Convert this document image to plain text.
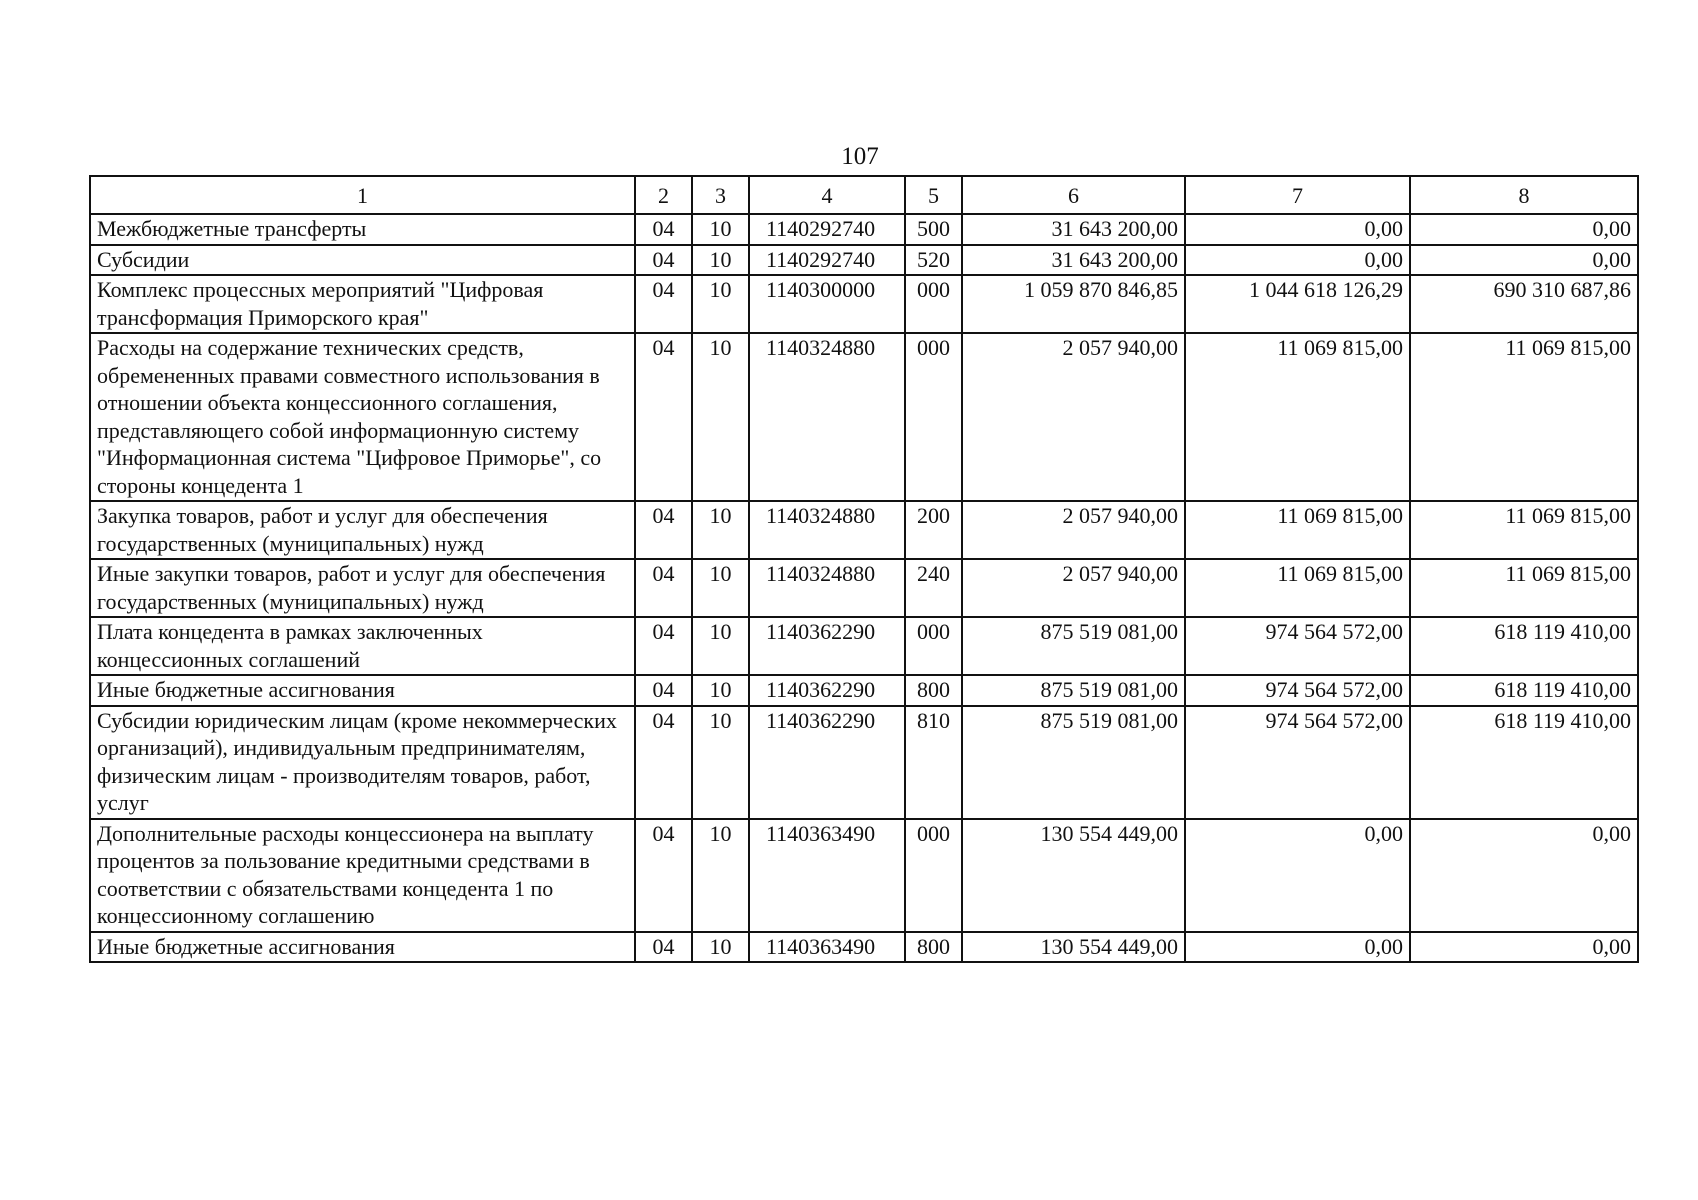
107
1	2	3	4	5	6	7	8
Межбюджетные трансферты	04	10	1140292740	500	31 643 200,00	0,00	0,00
Субсидии	04	10	1140292740	520	31 643 200,00	0,00	0,00
Комплекс процессных мероприятий "Цифровая трансформация Приморского края"	04	10	1140300000	000	1 059 870 846,85	1 044 618 126,29	690 310 687,86
Расходы на содержание технических средств, обремененных правами совместного использования в отношении объекта концессионного соглашения, представляющего собой информационную систему "Информационная система "Цифровое Приморье", со стороны концедента 1	04	10	1140324880	000	2 057 940,00	11 069 815,00	11 069 815,00
Закупка товаров, работ и услуг для обеспечения государственных (муниципальных) нужд	04	10	1140324880	200	2 057 940,00	11 069 815,00	11 069 815,00
Иные закупки товаров, работ и услуг для обеспечения государственных (муниципальных) нужд	04	10	1140324880	240	2 057 940,00	11 069 815,00	11 069 815,00
Плата концедента в рамках заключенных концессионных соглашений	04	10	1140362290	000	875 519 081,00	974 564 572,00	618 119 410,00
Иные бюджетные ассигнования	04	10	1140362290	800	875 519 081,00	974 564 572,00	618 119 410,00
Субсидии юридическим лицам (кроме некоммерческих организаций), индивидуальным предпринимателям, физическим лицам - производителям товаров, работ, услуг	04	10	1140362290	810	875 519 081,00	974 564 572,00	618 119 410,00
Дополнительные расходы концессионера на выплату процентов за пользование кредитными средствами в соответствии с обязательствами концедента 1 по концессионному соглашению	04	10	1140363490	000	130 554 449,00	0,00	0,00
Иные бюджетные ассигнования	04	10	1140363490	800	130 554 449,00	0,00	0,00
